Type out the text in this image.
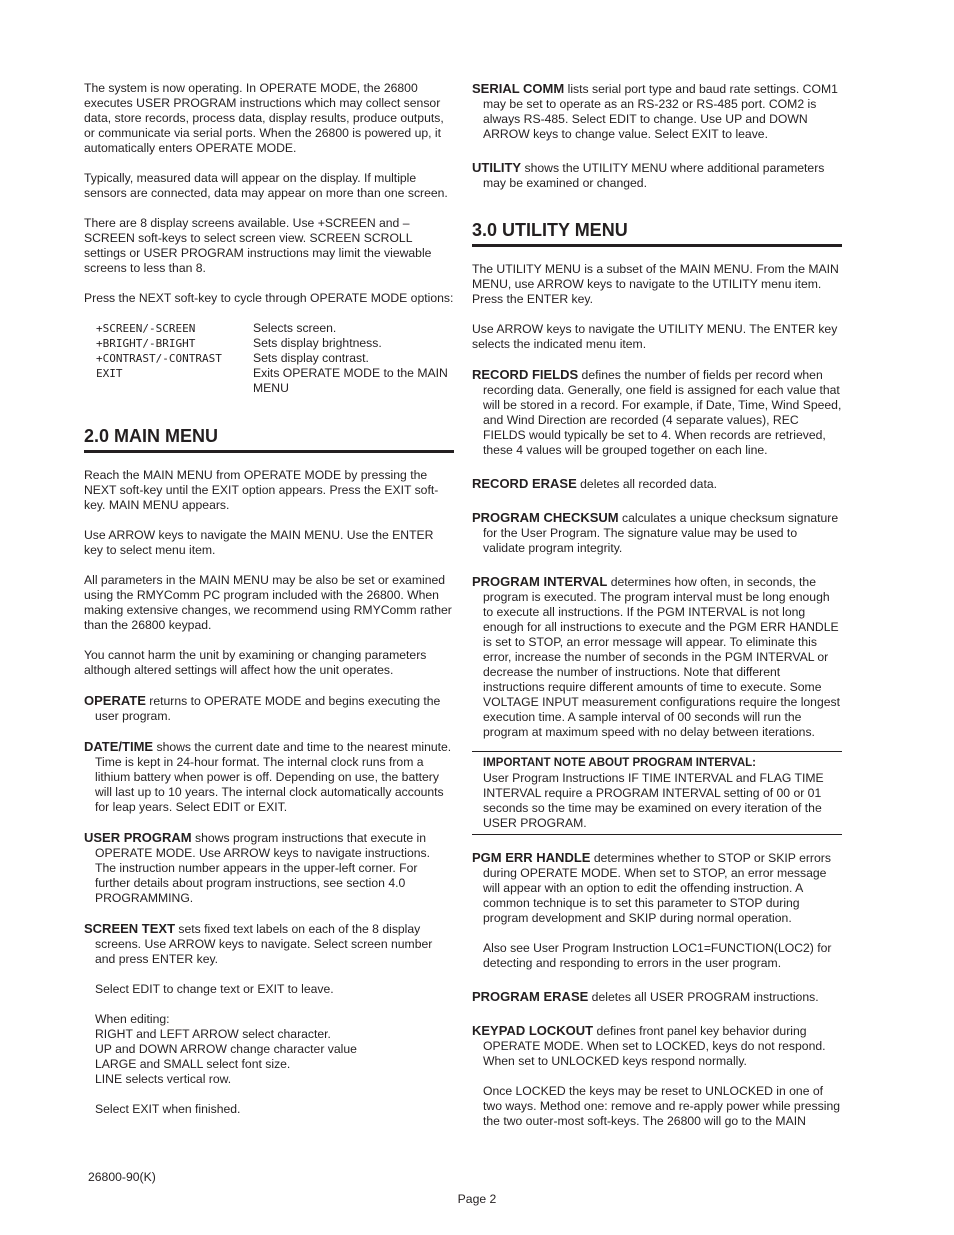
The system is now operating. In OPERATE MODE, the 26800 executes USER PROGRAM instructions which may collect sensor data, store records, process data, display results, produce outputs, or communicate via serial ports. When the 26800 is powered up, it automatically enters OPERATE MODE.

Typically, measured data will appear on the display. If multiple sensors are connected, data may appear on more than one screen.

There are 8 display screens available. Use +SCREEN and –SCREEN soft-keys to select screen view. SCREEN SCROLL settings or USER PROGRAM instructions may limit the viewable screens to less than 8.

Press the NEXT soft-key to cycle through OPERATE MODE options:

+SCREEN/-SCREEN	Selects screen.
+BRIGHT/-BRIGHT	Sets display brightness.
+CONTRAST/-CONTRAST	Sets display contrast.
EXIT	Exits OPERATE MODE to the MAIN MENU
2.0 MAIN MENU

Reach the MAIN MENU from OPERATE MODE by pressing the NEXT soft-key until the EXIT option appears. Press the EXIT soft-key. MAIN MENU appears.

Use ARROW keys to navigate the MAIN MENU. Use the ENTER key to select menu item.

All parameters in the MAIN MENU may be also be set or examined using the RMYComm PC program included with the 26800. When making extensive changes, we recommend using RMYComm rather than the 26800 keypad.

You cannot harm the unit by examining or changing parameters although altered settings will affect how the unit operates.

OPERATE returns to OPERATE MODE and begins executing the user program.

DATE/TIME shows the current date and time to the nearest minute. Time is kept in 24-hour format. The internal clock runs from a lithium battery when power is off. Depending on use, the battery will last up to 10 years. The internal clock automatically accounts for leap years. Select EDIT or EXIT.

USER PROGRAM shows program instructions that execute in OPERATE MODE. Use ARROW keys to navigate instructions. The instruction number appears in the upper-left corner. For further details about program instructions, see section 4.0 PROGRAMMING.

SCREEN TEXT sets fixed text labels on each of the 8 display screens. Use ARROW keys to navigate. Select screen number and press ENTER key.

Select EDIT to change text or EXIT to leave.

When editing:
RIGHT and LEFT ARROW select character.
UP and DOWN ARROW change character value
LARGE and SMALL select font size.
LINE selects vertical row.

Select EXIT when finished.

SERIAL COMM lists serial port type and baud rate settings. COM1 may be set to operate as an RS-232 or RS-485 port. COM2 is always RS-485. Select EDIT to change. Use UP and DOWN ARROW keys to change value. Select EXIT to leave.

UTILITY shows the UTILITY MENU where additional parameters may be examined or changed.

3.0 UTILITY MENU

The UTILITY MENU is a subset of the MAIN MENU. From the MAIN MENU, use ARROW keys to navigate to the UTILITY menu item. Press the ENTER key.

Use ARROW keys to navigate the UTILITY MENU. The ENTER key selects the indicated menu item.

RECORD FIELDS defines the number of fields per record when recording data. Generally, one field is assigned for each value that will be stored in a record. For example, if Date, Time, Wind Speed, and Wind Direction are recorded (4 separate values), REC FIELDS would typically be set to 4. When records are retrieved, these 4 values will be grouped together on each line.

RECORD ERASE deletes all recorded data.

PROGRAM CHECKSUM calculates a unique checksum signature for the User Program. The signature value may be used to validate program integrity.

PROGRAM INTERVAL determines how often, in seconds, the program is executed. The program interval must be long enough to execute all instructions. If the PGM INTERVAL is not long enough for all instructions to execute and the PGM ERR HANDLE is set to STOP, an error message will appear. To eliminate this error, increase the number of seconds in the PGM INTERVAL or decrease the number of instructions. Note that different instructions require different amounts of time to execute. Some VOLTAGE INPUT measurement configurations require the longest execution time. A sample interval of 00 seconds will run the program at maximum speed with no delay between iterations.

IMPORTANT NOTE ABOUT PROGRAM INTERVAL:
User Program Instructions IF TIME INTERVAL and FLAG TIME INTERVAL require a PROGRAM INTERVAL setting of 00 or 01 seconds so the time may be examined on every iteration of the USER PROGRAM.

PGM ERR HANDLE determines whether to STOP or SKIP errors during OPERATE MODE. When set to STOP, an error message will appear with an option to edit the offending instruction. A common technique is to set this parameter to STOP during program development and SKIP during normal operation.

Also see User Program Instruction LOC1=FUNCTION(LOC2) for detecting and responding to errors in the user program.

PROGRAM ERASE deletes all USER PROGRAM instructions.

KEYPAD LOCKOUT defines front panel key behavior during OPERATE MODE. When set to LOCKED, keys do not respond. When set to UNLOCKED keys respond normally.

Once LOCKED the keys may be reset to UNLOCKED in one of two ways. Method one: remove and re-apply power while pressing the two outer-most soft-keys. The 26800 will go to the MAIN

26800-90(K)
Page 2
